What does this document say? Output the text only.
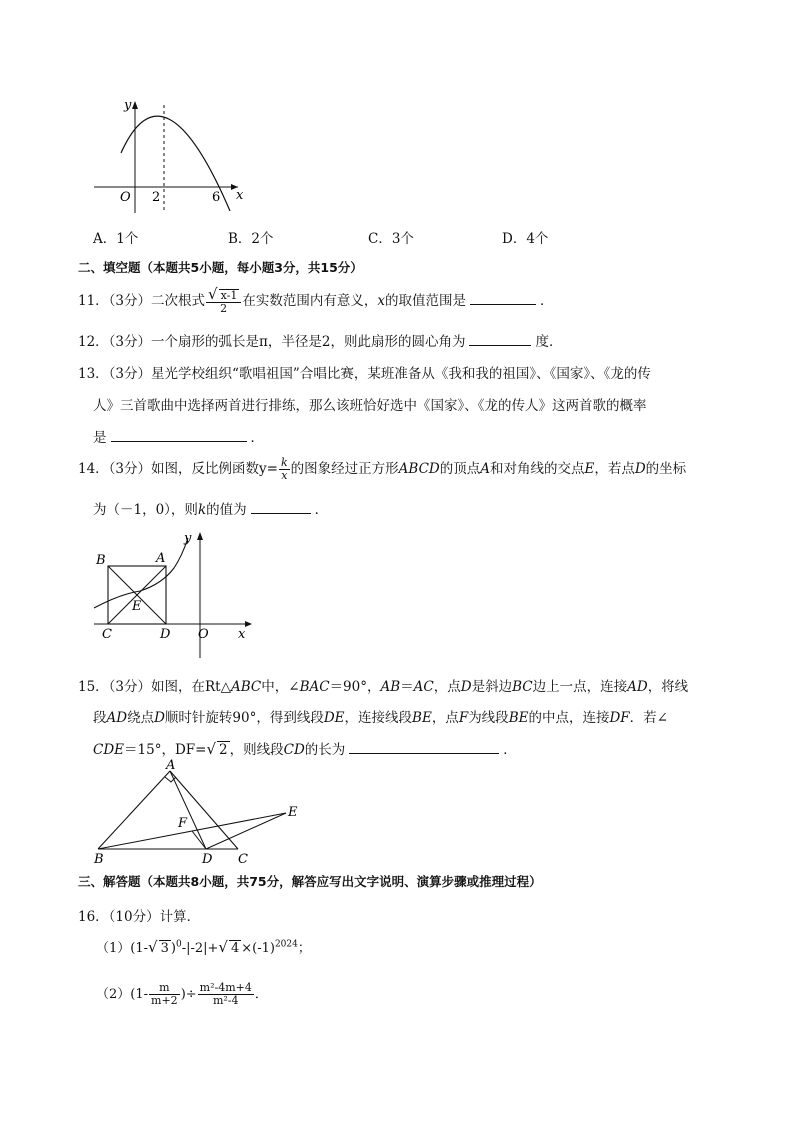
y
x
O 2	6
A．1个	B．2个	C．3个	D．4个
二、填空题（本题共5小题，每小题3分，共15分）
11．（3分）二次根式 $\frac{√ x-1}{2}$ 在实数范围内有意义，x的取值范围是	．
12．（3分）一个扇形的弧长是π，半径是2，则此扇形的圆心角为	度．
13．（3分）星光学校组织“歌唱祖国”合唱比赛，某班准备从《我和我的祖国》、《国家》、《龙的传
人》三首歌曲中选择两首进行排练，那么该班恰好选中《国家》、《龙的传人》这两首歌的概率
是	．
14．（3分）如图，反比例函数$y= \frac{k}{x}$ 的图象经过正方形ABCD的顶点A和对角线的交点E，若点D的坐标
为（－1，0），则k的值为	．
B	A
E
C	D O x
y
15．（3分）如图，在Rt△ABC中，∠BAC＝90°，AB＝AC，点D是斜边BC边上一点，连接AD，将线
段AD绕点D顺时针旋转90°，得到线段DE，连接线段BE，点F为线段BE的中点，连接DF．若∠
CDE＝15°，DF=√ 2 ，则线段CD的长为	．
A
F
E
B	D C
三、解答题（本题共8小题，共75分，解答应写出文字说明、演算步骤或推理过程）
16．（10分）计算．
（1）(1-√ 3 )$^0$-|-2|+√ $4 \times(-1)^{2024}$；
$(2)(1- \frac{m}{m+2}$ )÷ $\frac{\text{m²-4m+4}}{\text{m²-4}}$ ．
